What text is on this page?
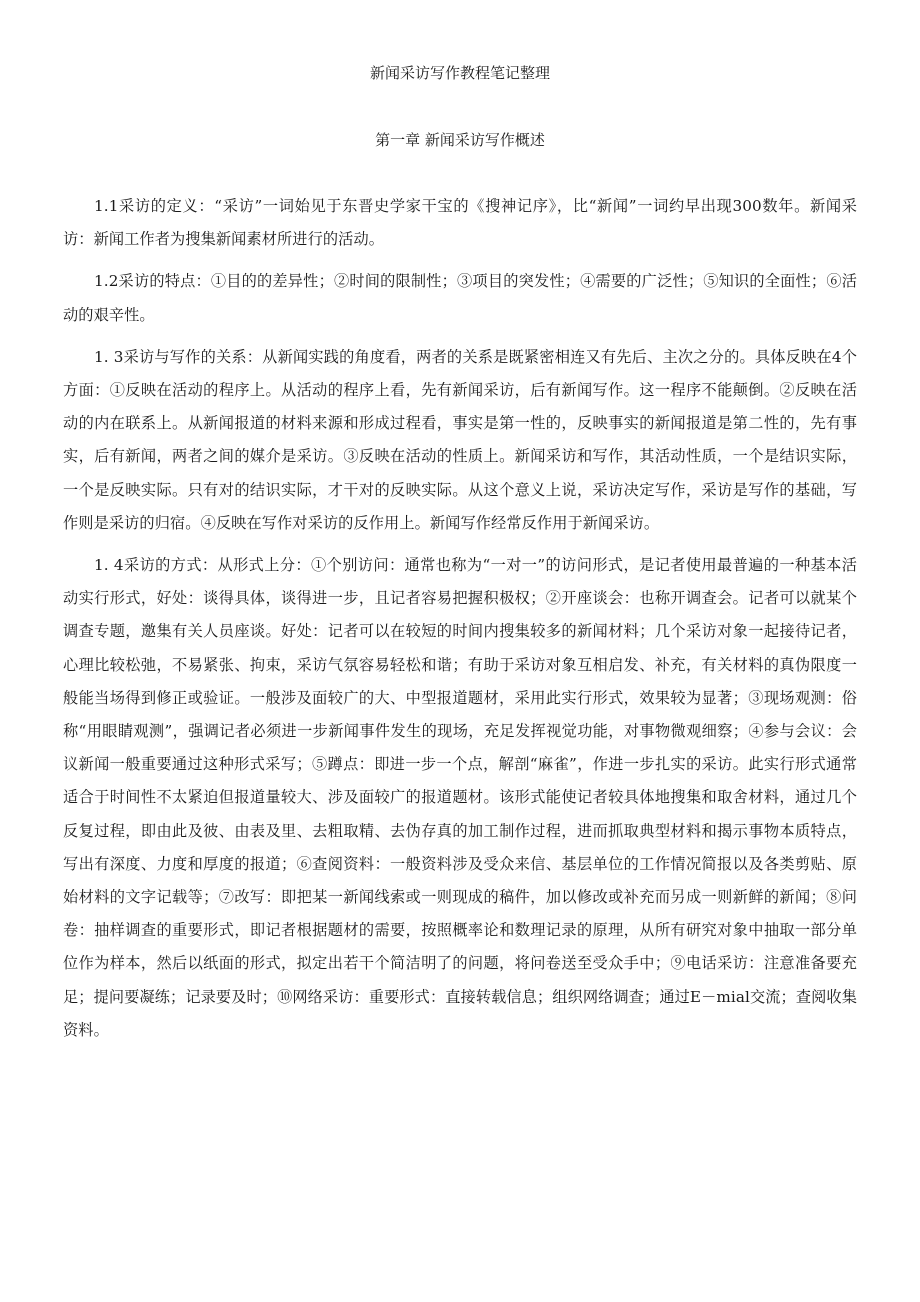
新闻采访写作教程笔记整理
第一章 新闻采访写作概述

1.1采访的定义：“采访”一词始见于东晋史学家干宝的《搜神记序》，比“新闻”一词约早出现300数年。新闻采访：新闻工作者为搜集新闻素材所进行的活动。

1.2采访的特点：①目的的差异性；②时间的限制性；③项目的突发性；④需要的广泛性；⑤知识的全面性；⑥活动的艰辛性。

1. 3采访与写作的关系：从新闻实践的角度看，两者的关系是既紧密相连又有先后、主次之分的。具体反映在4个方面：①反映在活动的程序上。从活动的程序上看，先有新闻采访，后有新闻写作。这一程序不能颠倒。②反映在活动的内在联系上。从新闻报道的材料来源和形成过程看，事实是第一性的，反映事实的新闻报道是第二性的，先有事实，后有新闻，两者之间的媒介是采访。③反映在活动的性质上。新闻采访和写作，其活动性质，一个是结识实际，一个是反映实际。只有对的结识实际，才干对的反映实际。从这个意义上说，采访决定写作，采访是写作的基础，写作则是采访的归宿。④反映在写作对采访的反作用上。新闻写作经常反作用于新闻采访。

1. 4采访的方式：从形式上分：①个别访问：通常也称为“一对一”的访问形式，是记者使用最普遍的一种基本活动实行形式，好处：谈得具体，谈得进一步，且记者容易把握积极权；②开座谈会：也称开调查会。记者可以就某个调查专题，邀集有关人员座谈。好处：记者可以在较短的时间内搜集较多的新闻材料；几个采访对象一起接待记者，心理比较松弛，不易紧张、拘束，采访气氛容易轻松和谐；有助于采访对象互相启发、补充，有关材料的真伪限度一般能当场得到修正或验证。一般涉及面较广的大、中型报道题材，采用此实行形式，效果较为显著；③现场观测：俗称“用眼睛观测”，强调记者必须进一步新闻事件发生的现场，充足发挥视觉功能，对事物微观细察；④参与会议：会议新闻一般重要通过这种形式采写；⑤蹲点：即进一步一个点，解剖“麻雀”，作进一步扎实的采访。此实行形式通常适合于时间性不太紧迫但报道量较大、涉及面较广的报道题材。该形式能使记者较具体地搜集和取舍材料，通过几个反复过程，即由此及彼、由表及里、去粗取精、去伪存真的加工制作过程，进而抓取典型材料和揭示事物本质特点，写出有深度、力度和厚度的报道；⑥查阅资料：一般资料涉及受众来信、基层单位的工作情况简报以及各类剪贴、原始材料的文字记载等；⑦改写：即把某一新闻线索或一则现成的稿件，加以修改或补充而另成一则新鲜的新闻；⑧问卷：抽样调查的重要形式，即记者根据题材的需要，按照概率论和数理记录的原理，从所有研究对象中抽取一部分单位作为样本，然后以纸面的形式，拟定出若干个简洁明了的问题，将问卷送至受众手中；⑨电话采访：注意准备要充足；提问要凝练；记录要及时；⑩网络采访：重要形式：直接转载信息；组织网络调查；通过E－mial交流；查阅收集资料。
